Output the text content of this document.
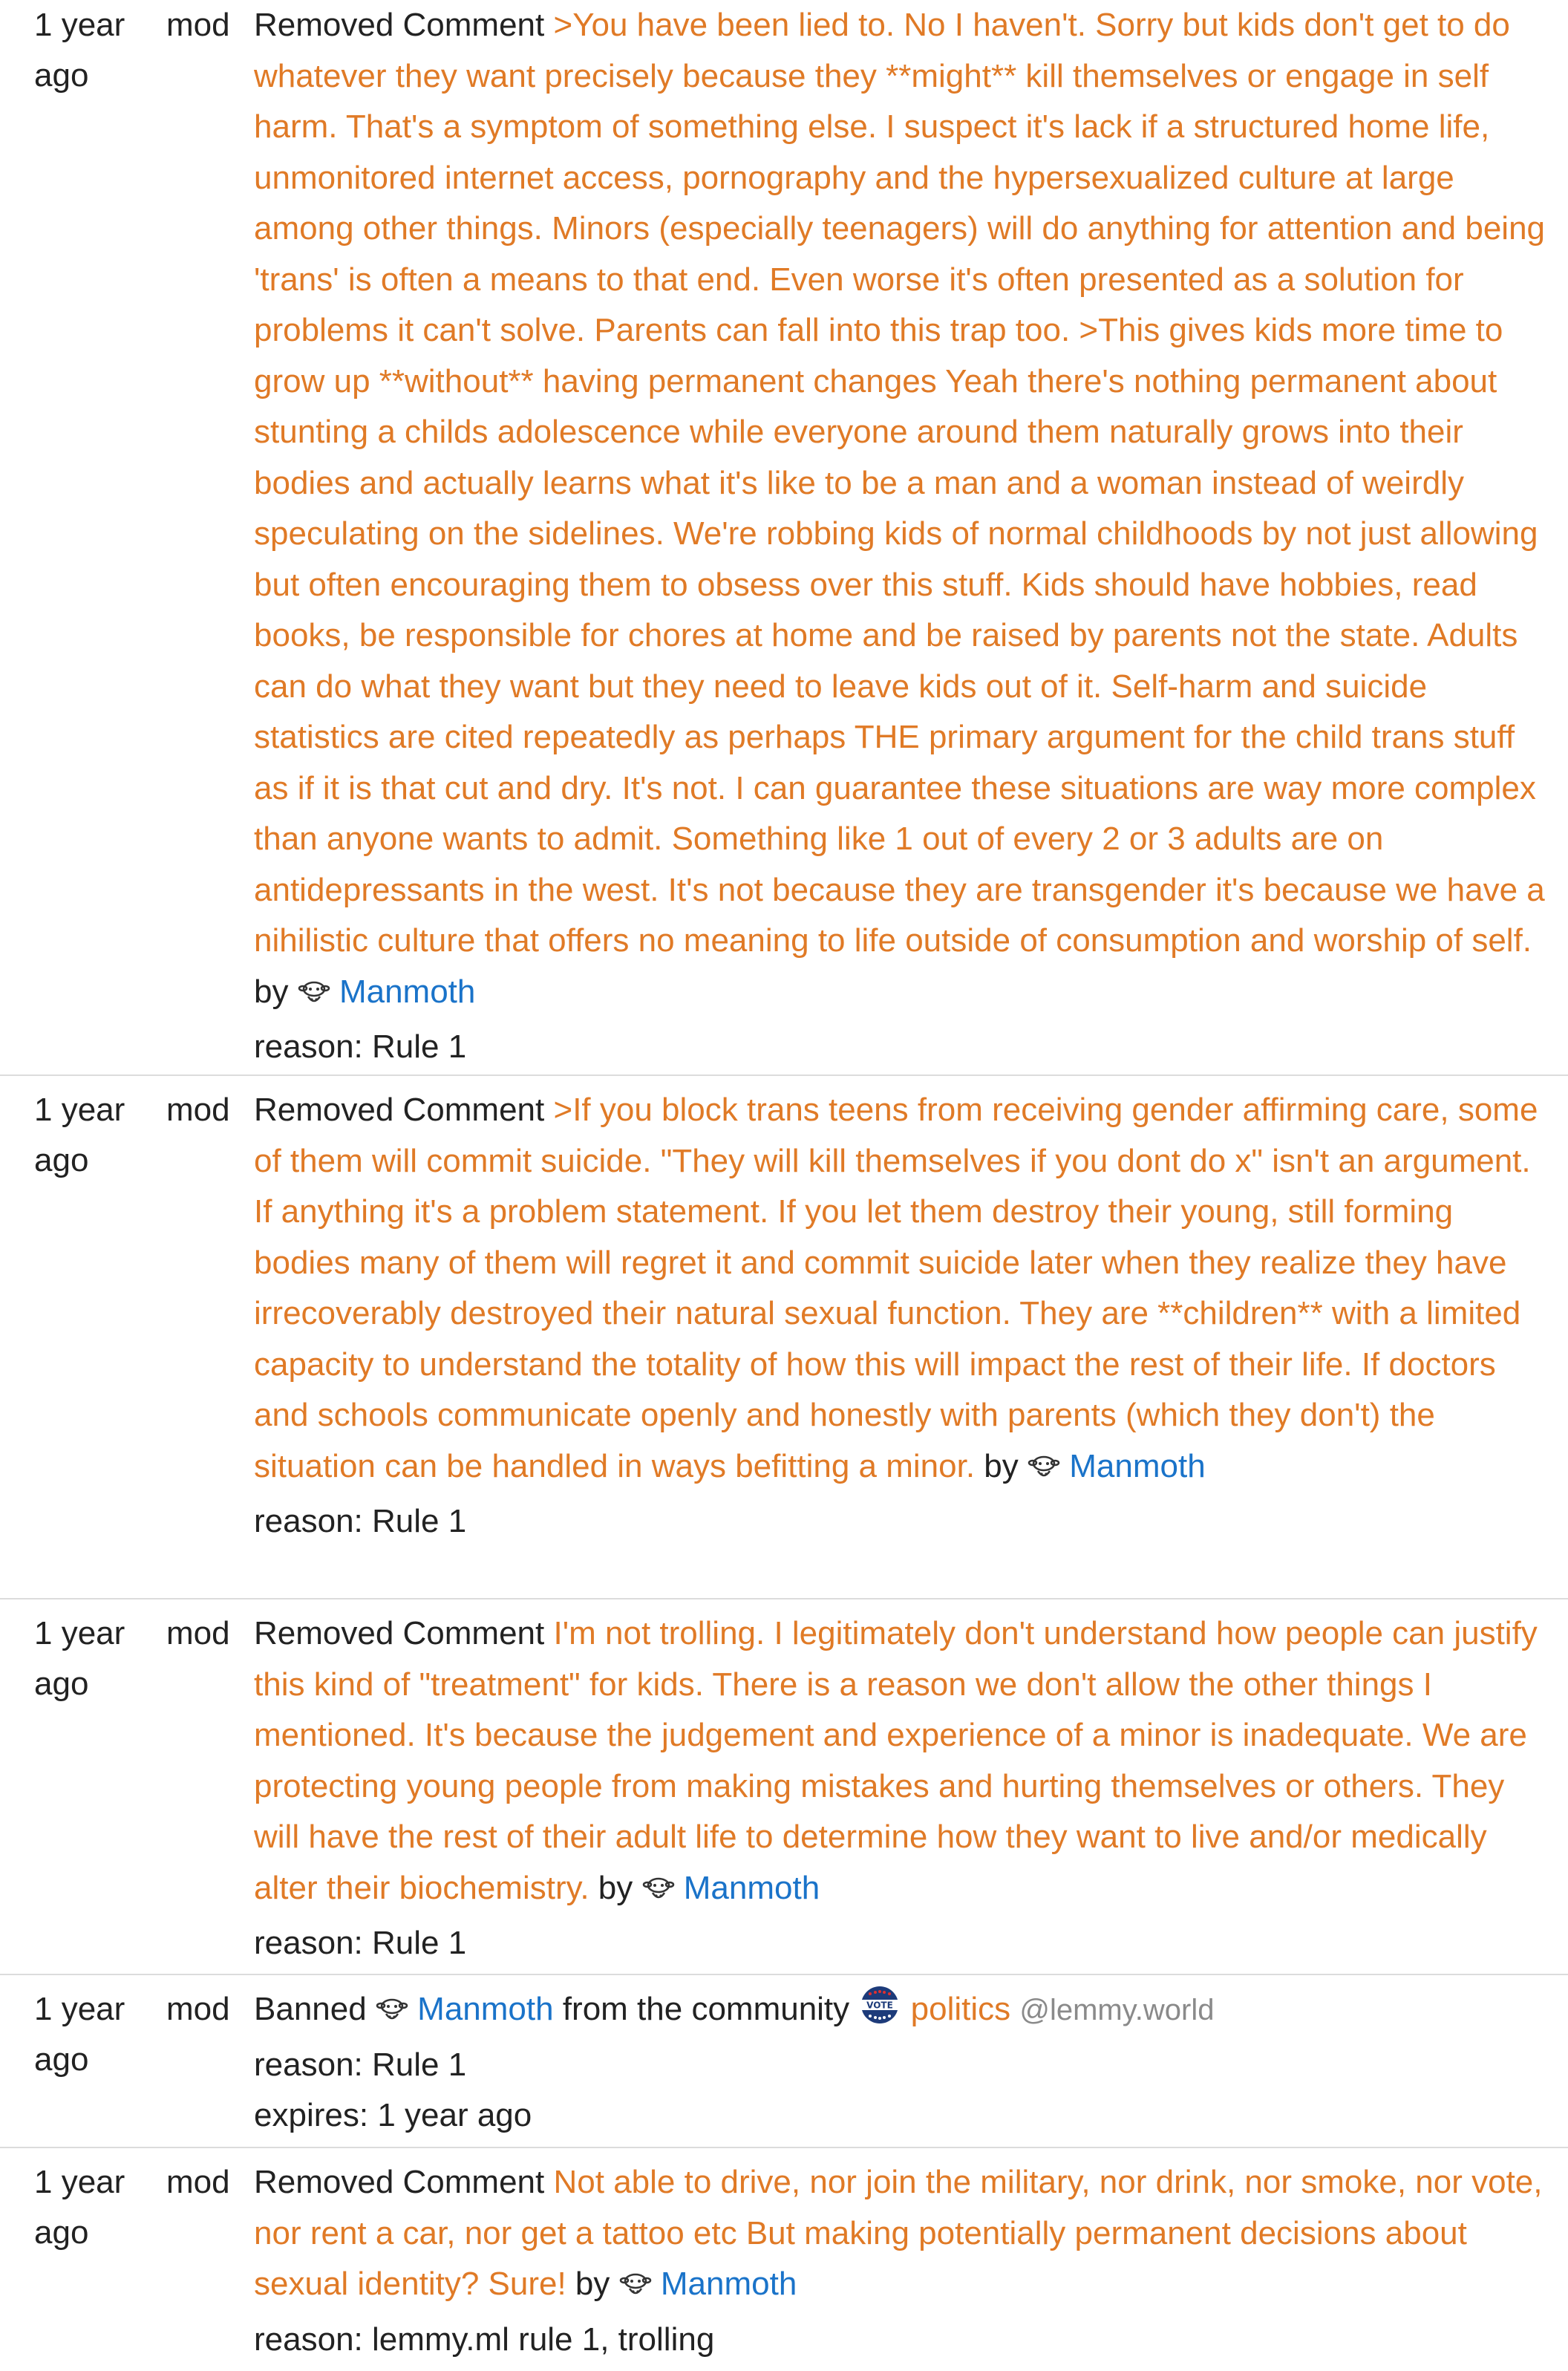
1 year ago
mod Removed Comment >You have been lied to. No I haven't. Sorry but kids don't get to do whatever they want precisely because they **might** kill themselves or engage in self harm. That's a symptom of something else. I suspect it's lack if a structured home life, unmonitored internet access, pornography and the hypersexualized culture at large among other things. Minors (especially teenagers) will do anything for attention and being 'trans' is often a means to that end. Even worse it's often presented as a solution for problems it can't solve. Parents can fall into this trap too. >This gives kids more time to grow up **without** having permanent changes Yeah there's nothing permanent about stunting a childs adolescence while everyone around them naturally grows into their bodies and actually learns what it's like to be a man and a woman instead of weirdly speculating on the sidelines. We're robbing kids of normal childhoods by not just allowing but often encouraging them to obsess over this stuff. Kids should have hobbies, read books, be responsible for chores at home and be raised by parents not the state. Adults can do what they want but they need to leave kids out of it. Self-harm and suicide statistics are cited repeatedly as perhaps THE primary argument for the child trans stuff as if it is that cut and dry. It's not. I can guarantee these situations are way more complex than anyone wants to admit. Something like 1 out of every 2 or 3 adults are on antidepressants in the west. It's not because they are transgender it's because we have a nihilistic culture that offers no meaning to life outside of consumption and worship of self. by Manmoth
reason: Rule 1
1 year ago
mod Removed Comment >If you block trans teens from receiving gender affirming care, some of them will commit suicide. "They will kill themselves if you dont do x" isn't an argument. If anything it's a problem statement. If you let them destroy their young, still forming bodies many of them will regret it and commit suicide later when they realize they have irrecoverably destroyed their natural sexual function. They are **children** with a limited capacity to understand the totality of how this will impact the rest of their life. If doctors and schools communicate openly and honestly with parents (which they don't) the situation can be handled in ways befitting a minor. by Manmoth
reason: Rule 1
1 year ago
mod Removed Comment I'm not trolling. I legitimately don't understand how people can justify this kind of "treatment" for kids. There is a reason we don't allow the other things I mentioned. It's because the judgement and experience of a minor is inadequate. We are protecting young people from making mistakes and hurting themselves or others. They will have the rest of their adult life to determine how they want to live and/or medically alter their biochemistry. by Manmoth
reason: Rule 1
1 year ago
mod Banned Manmoth from the community VOTE politics @lemmy.world
reason: Rule 1
expires: 1 year ago
1 year ago
mod Removed Comment Not able to drive, nor join the military, nor drink, nor smoke, nor vote, nor rent a car, nor get a tattoo etc But making potentially permanent decisions about sexual identity? Sure! by Manmoth
reason: lemmy.ml rule 1, trolling
